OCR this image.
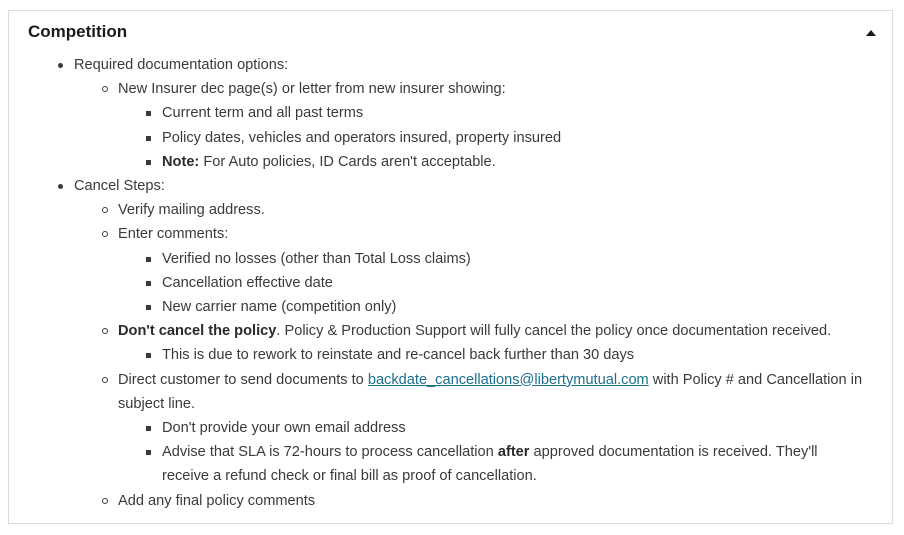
Competition
Required documentation options:
New Insurer dec page(s) or letter from new insurer showing:
Current term and all past terms
Policy dates, vehicles and operators insured, property insured
Note: For Auto policies, ID Cards aren't acceptable.
Cancel Steps:
Verify mailing address.
Enter comments:
Verified no losses (other than Total Loss claims)
Cancellation effective date
New carrier name (competition only)
Don't cancel the policy. Policy & Production Support will fully cancel the policy once documentation received.
This is due to rework to reinstate and re-cancel back further than 30 days
Direct customer to send documents to backdate_cancellations@libertymutual.com with Policy # and Cancellation in subject line.
Don't provide your own email address
Advise that SLA is 72-hours to process cancellation after approved documentation is received. They'll receive a refund check or final bill as proof of cancellation.
Add any final policy comments
